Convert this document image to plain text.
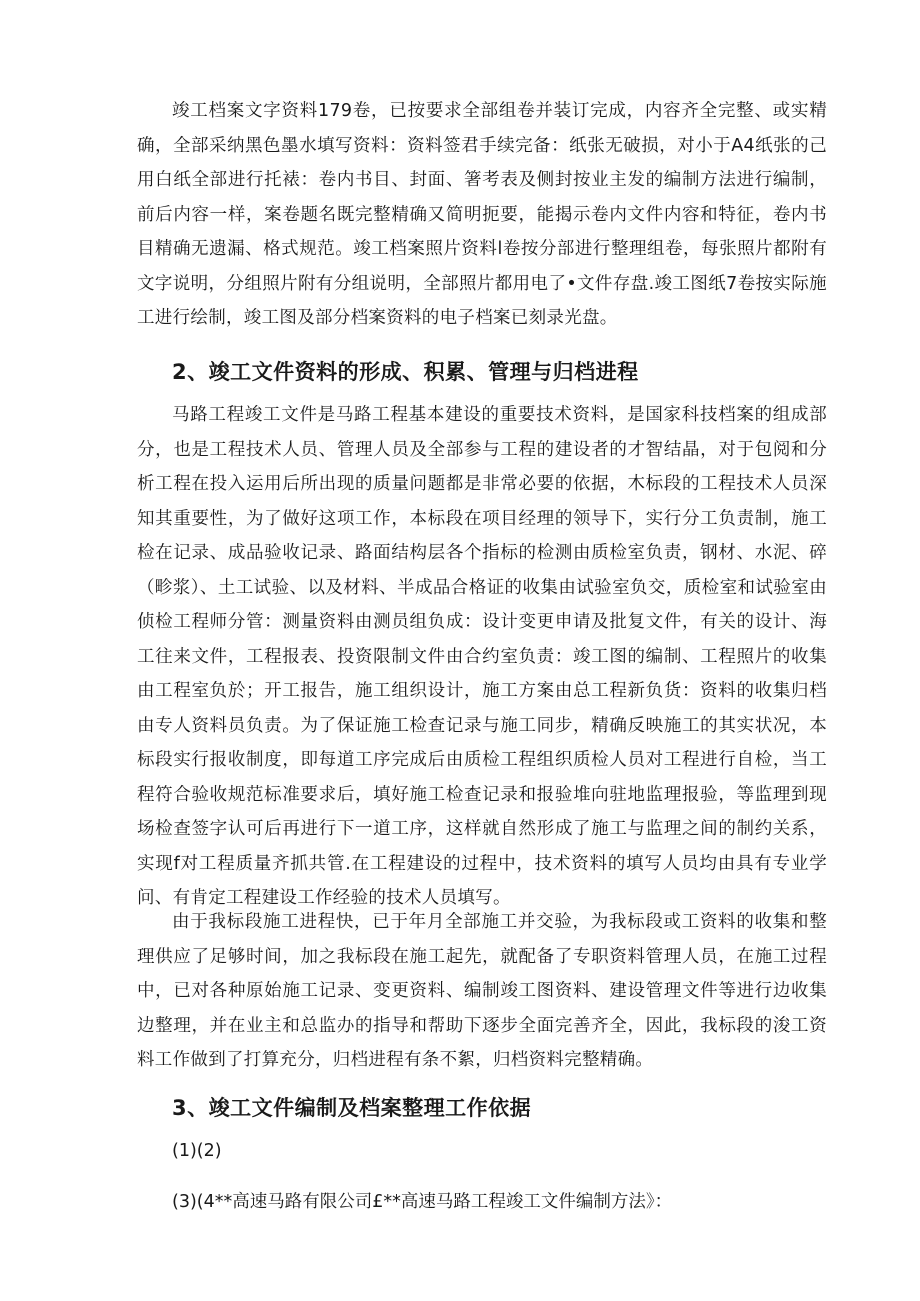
竣工档案文字资料179卷，已按要求全部组卷并装订完成，内容齐全完整、或实精确，全部采纳黑色墨水填写资料：资料签君手续完备：纸张无破损，对小于A4纸张的己用白纸全部进行托裱：卷内书目、封面、箸考表及侧封按业主发的编制方法进行编制，前后内容一样，案卷题名既完整精确又简明扼要，能揭示卷内文件内容和特征，卷内书目精确无遗漏、格式规范。竣工档案照片资料l卷按分部进行整理组卷，每张照片都附有文字说明，分组照片附有分组说明，全部照片都用电了•文件存盘.竣工图纸7卷按实际施工进行绘制，竣工图及部分档案资料的电子档案已刻录光盘。

2、竣工文件资料的形成、积累、管理与归档进程

马路工程竣工文件是马路工程基本建设的重要技术资料，是国家科技档案的组成部分，也是工程技术人员、管理人员及全部参与工程的建设者的才智结晶，对于包阅和分析工程在投入运用后所出现的质量问题都是非常必要的依据，木标段的工程技术人员深知其重要性，为了做好这项工作，本标段在项目经理的领导下，实行分工负责制，施工检在记录、成品验收记录、路面结构层各个指标的检测由质检室负责，钢材、水泥、碎（畛浆）、土工试验、以及材料、半成品合格证的收集由试验室负交，质检室和试验室由侦检工程师分管：测量资料由测员组负成：设计变更申请及批复文件，有关的设计、海工往来文件，工程报表、投资限制文件由合约室负责：竣工图的编制、工程照片的收集由工程室负於；开工报告，施工组织设计，施工方案由总工程新负货：资料的收集归档由专人资料员负责。为了保证施工检查记录与施工同步，精确反映施工的其实状况，本标段实行报收制度，即每道工序完成后由质检工程组织质检人员对工程进行自检，当工程符合验收规范标准要求后，填好施工检查记录和报验堆向驻地监理报验，等监理到现场检查签字认可后再进行下一道工序，这样就自然形成了施工与监理之间的制约关系，实现f对工程质量齐抓共管.在工程建设的过程中，技术资料的填写人员均由具有专业学问、有肯定工程建设工作经验的技术人员填写。

由于我标段施工进程快，已于年月全部施工并交验，为我标段或工资料的收集和整理供应了足够时间，加之我标段在施工起先，就配备了专职资料管理人员，在施工过程中，已对各种原始施工记录、变更资料、编制竣工图资料、建设管理文件等进行边收集边整理，并在业主和总监办的指导和帮助下逐步全面完善齐全，因此，我标段的浚工资料工作做到了打算充分，归档进程有条不絮，归档资料完整精确。

3、竣工文件编制及档案整理工作依据

(1)(2)

(3)(4**高速马路有限公司£**高速马路工程竣工文件编制方法》：
